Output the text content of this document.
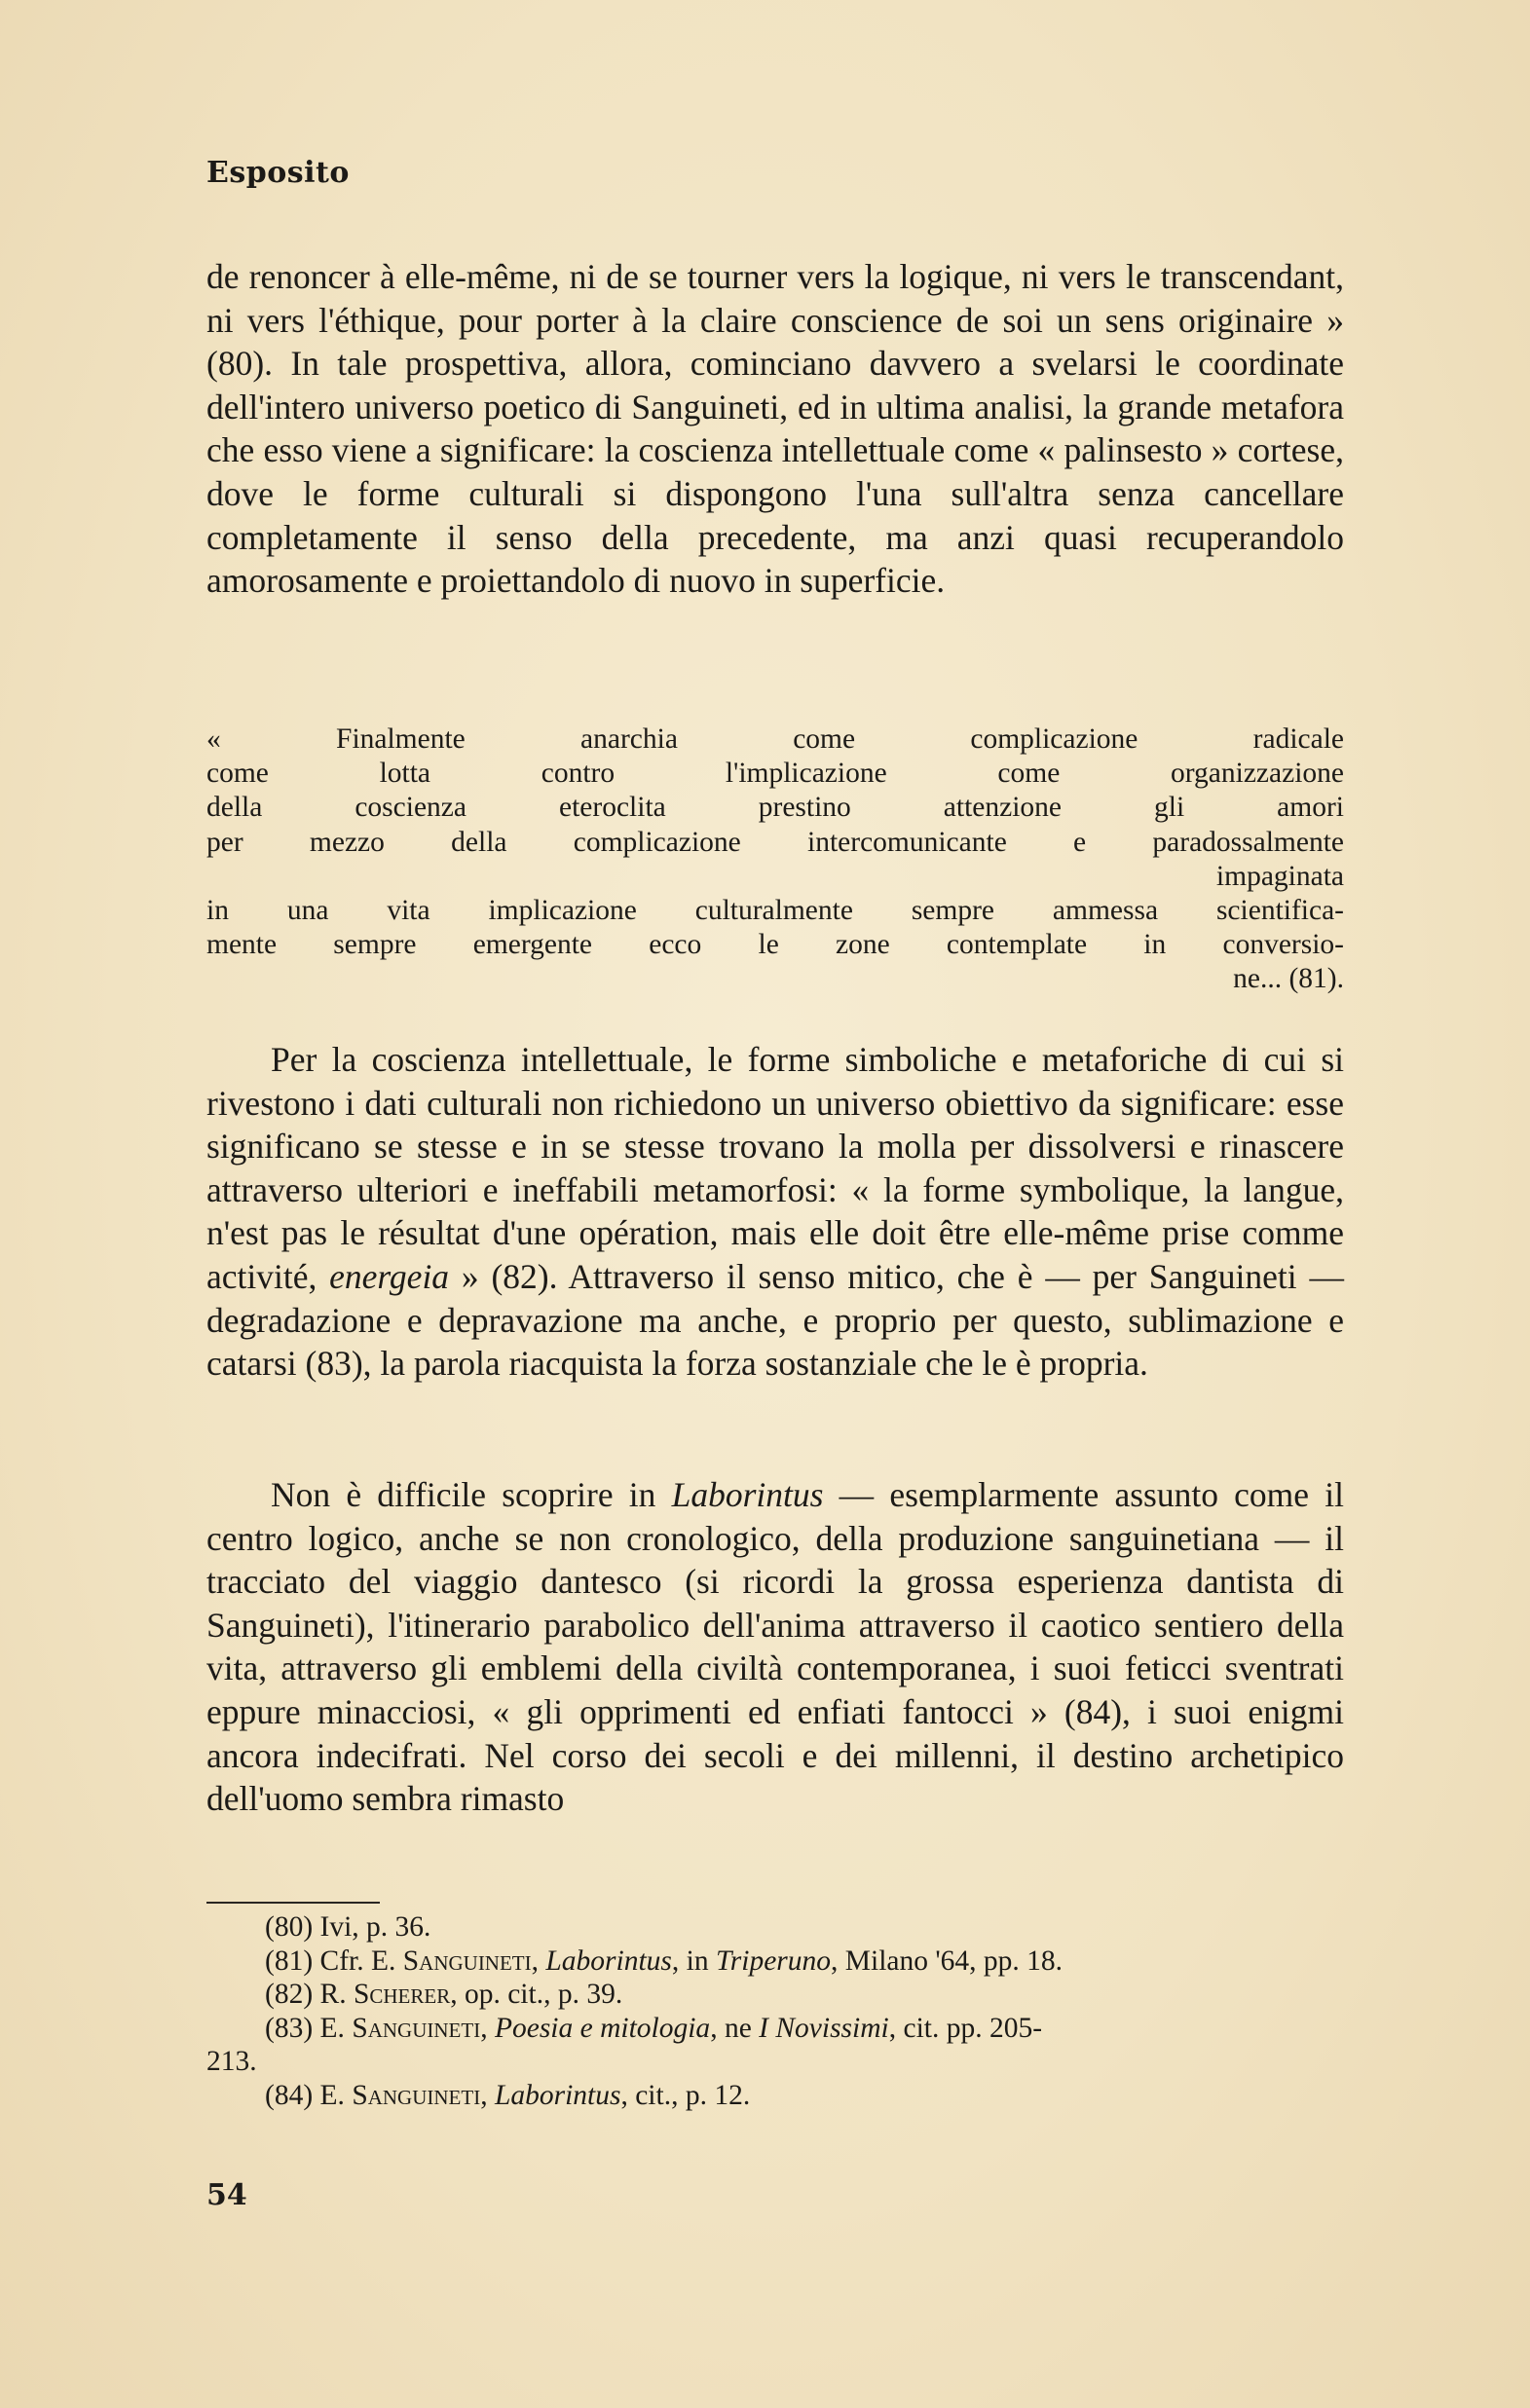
Esposito
de renoncer à elle-même, ni de se tourner vers la logique, ni vers le transcendant, ni vers l'éthique, pour porter à la claire conscience de soi un sens originaire » (80). In tale prospettiva, allora, cominciano davvero a svelarsi le coordinate dell'intero universo poetico di Sanguineti, ed in ultima analisi, la grande metafora che esso viene a significare: la coscienza intellettuale come « palinsesto » cortese, dove le forme culturali si dispongono l'una sull'altra senza cancellare completamente il senso della precedente, ma anzi quasi recuperandolo amorosamente e proiettandolo di nuovo in superficie.
« Finalmente anarchia come complicazione radicale
come lotta contro l'implicazione come organizzazione
della coscienza eteroclita prestino attenzione gli amori
per mezzo della complicazione intercomunicante e paradossalmente
impaginata
in una vita implicazione culturalmente sempre ammessa scientifica-
mente sempre emergente ecco le zone contemplate in conversio-
ne... (81).
Per la coscienza intellettuale, le forme simboliche e metaforiche di cui si rivestono i dati culturali non richiedono un universo obiettivo da significare: esse significano se stesse e in se stesse trovano la molla per dissolversi e rinascere attraverso ulteriori e ineffabili metamorfosi: « la forme symbolique, la langue, n'est pas le résultat d'une opération, mais elle doit être elle-même prise comme activité, energeia » (82). Attraverso il senso mitico, che è — per Sanguineti — degradazione e depravazione ma anche, e proprio per questo, sublimazione e catarsi (83), la parola riacquista la forza sostanziale che le è propria.
Non è difficile scoprire in Laborintus — esemplarmente assunto come il centro logico, anche se non cronologico, della produzione sanguinetiana — il tracciato del viaggio dantesco (si ricordi la grossa esperienza dantista di Sanguineti), l'itinerario parabolico dell'anima attraverso il caotico sentiero della vita, attraverso gli emblemi della civiltà contemporanea, i suoi feticci sventrati eppure minacciosi, « gli opprimenti ed enfiati fantocci » (84), i suoi enigmi ancora indecifrati. Nel corso dei secoli e dei millenni, il destino archetipico dell'uomo sembra rimasto
(80) Ivi, p. 36.
(81) Cfr. E. Sanguineti, Laborintus, in Triperuno, Milano '64, pp. 18.
(82) R. Scherer, op. cit., p. 39.
(83) E. Sanguineti, Poesia e mitologia, ne I Novissimi, cit. pp. 205-
213.
(84) E. Sanguineti, Laborintus, cit., p. 12.
54
